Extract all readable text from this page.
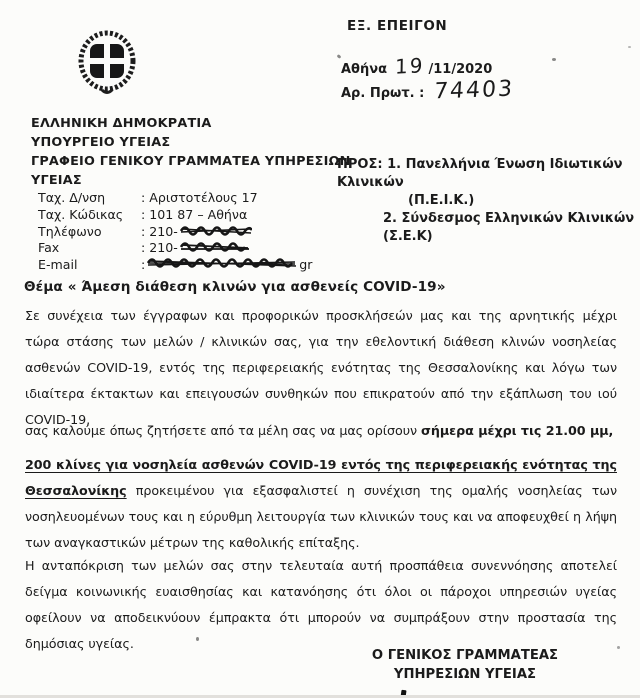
ΕΞ. ΕΠΕΙΓΟΝ
Αθήνα 19 /11/2020
Αρ. Πρωτ. : 74403
ΕΛΛΗΝΙΚΗ ΔΗΜΟΚΡΑΤΙΑ
ΥΠΟΥΡΓΕΙΟ ΥΓΕΙΑΣ
ΓΡΑΦΕΙΟ ΓΕΝΙΚΟΥ ΓΡΑΜΜΑΤΕΑ ΥΠΗΡΕΣΙΩΝ
ΥΓΕΙΑΣ
ΠΡΟΣ: 1. Πανελλήνια Ένωση Ιδιωτικών Κλινικών
(Π.Ε.Ι.Κ.)
2. Σύνδεσμος Ελληνικών Κλινικών (Σ.Ε.Κ)
Ταχ. Δ/νση	: Αριστοτέλους 17
Ταχ. Κώδικας	: 101 87 – Αθήνα
Τηλέφωνο	: 210-
Fax	: 210-
E-mail	:	gr
Θέμα « Άμεση διάθεση κλινών για ασθενείς COVID-19»
Σε συνέχεια των έγγραφων και προφορικών προσκλήσεών μας και της αρνητικής μέχρι τώρα στάσης των μελών / κλινικών σας, για την εθελοντική διάθεση κλινών νοσηλείας ασθενών COVID-19, εντός της περιφερειακής ενότητας της Θεσσαλονίκης και λόγω των ιδιαίτερα έκτακτων και επειγουσών συνθηκών που επικρατούν από την εξάπλωση του ιού COVID-19,
σας καλούμε όπως ζητήσετε από τα μέλη σας να μας ορίσουν σήμερα μέχρι τις 21.00 μμ,
200 κλίνες για νοσηλεία ασθενών COVID-19 εντός της περιφερειακής ενότητας της Θεσσαλονίκης προκειμένου για εξασφαλιστεί η συνέχιση της ομαλής νοσηλείας των νοσηλευομένων τους και η εύρυθμη λειτουργία των κλινικών τους και να αποφευχθεί η λήψη των αναγκαστικών μέτρων της καθολικής επίταξης.
Η ανταπόκριση των μελών σας στην τελευταία αυτή προσπάθεια συνεννόησης αποτελεί δείγμα κοινωνικής ευαισθησίας και κατανόησης ότι όλοι οι πάροχοι υπηρεσιών υγείας οφείλουν να αποδεικνύουν έμπρακτα ότι μπορούν να συμπράξουν στην προστασία της δημόσιας υγείας.
Ο ΓΕΝΙΚΟΣ ΓΡΑΜΜΑΤΕΑΣ
ΥΠΗΡΕΣΙΩΝ ΥΓΕΙΑΣ
